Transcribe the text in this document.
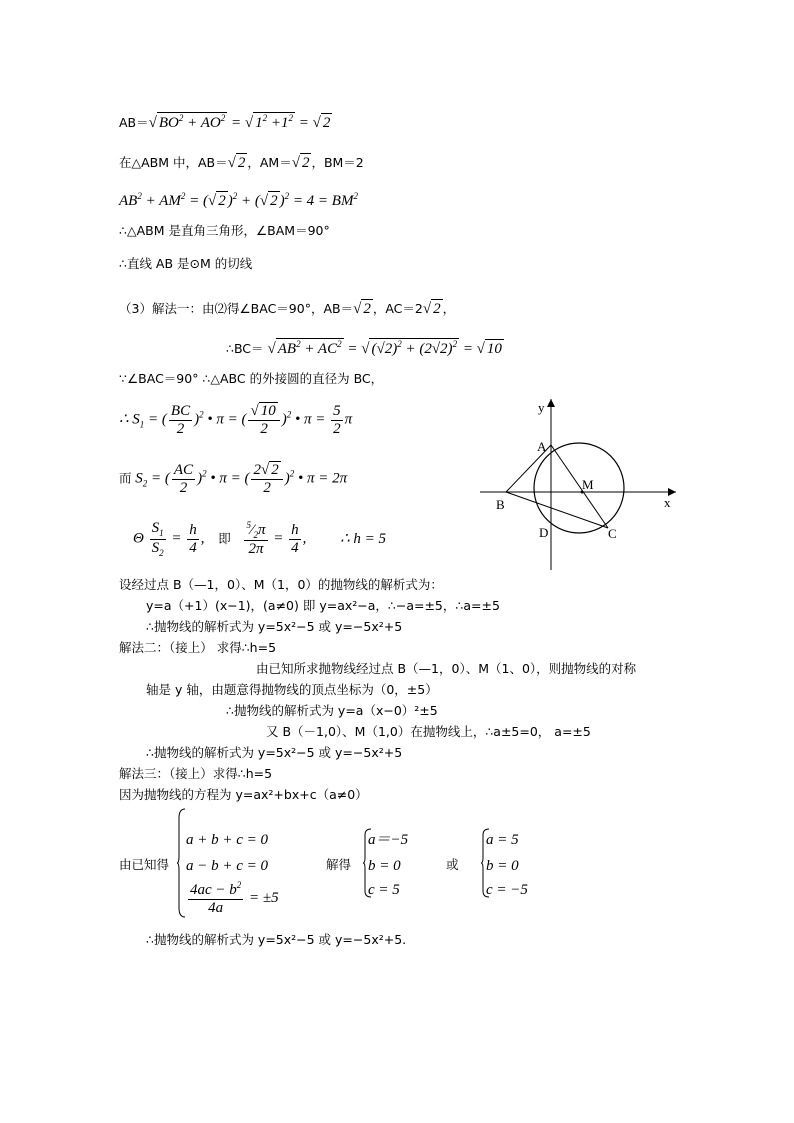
AB＝√ $BO^2 + AO^2$ = √ $1^2 +1^2$ = √ 2
在△ABM 中，AB＝√ 2 ，AM＝√ 2 ，BM＝2
$AB^2 + AM^2$ = (√ 2 )$^2$ + (√ 2 )$^2 = 4 = BM^2$
∴△ABM 是直角三角形，∠BAM＝90°
∴直线 AB 是⊙M 的切线
（3）解法一：由⑵得∠BAC＝90°，AB＝√ 2 ，AC＝2√ 2 ，
∴BC＝ √ $AB^2 + AC^2$ = √ $(√2)^2 + (2√2)^2$ = √ 10
∵∠BAC＝90° ∴△ABC 的外接圆的直径为 BC，
∴ $S_1$ = ( $\frac{BC}{2} )^2$ • π = ( $\frac{√ 10}{2} )^2$ • $\pi = \frac{5}{2}$ π
而 $S_2$ = ( $\frac{AC}{2} )^2$ • π = ( $\frac{2√ 2}{2} )^2$ • π = 2π
Θ $\frac{S_1}{S_2} = \frac{h}{4}$ , 即 $\frac{^5⁄_2\pi}{2\pi} = \frac{h}{4}$ , ∴ h = 5
y
x
A
B
M
D	C
设经过点 B（—1，0）、M（1，0）的抛物线的解析式为：
y=a（+1）(x−1)，(a≠0) 即 y=ax²−a，∴−a=±5，∴a=±5
∴抛物线的解析式为 y=5x²−5 或 y=−5x²+5
解法二：（接上） 求得∴h=5
由已知所求抛物线经过点 B（—1，0）、M（1、0），则抛物线的对称
轴是 y 轴，由题意得抛物线的顶点坐标为（0，±5）
∴抛物线的解析式为 y=a（x−0）²±5
又 B（－1,0）、M（1,0）在抛物线上，∴a±5=0， a=±5
∴抛物线的解析式为 y=5x²−5 或 y=−5x²+5
解法三：（接上）求得∴h=5
因为抛物线的方程为 y=ax²+bx+c（a≠0）
由已知得
a + b + c = 0
a − b + c = 0
$\frac{4ac - b^2}{4a} = \pm 5$
解得
a＝−5
b = 0
c = 5
或
a = 5
b = 0
c = −5
∴抛物线的解析式为 y=5x²−5 或 y=−5x²+5.
